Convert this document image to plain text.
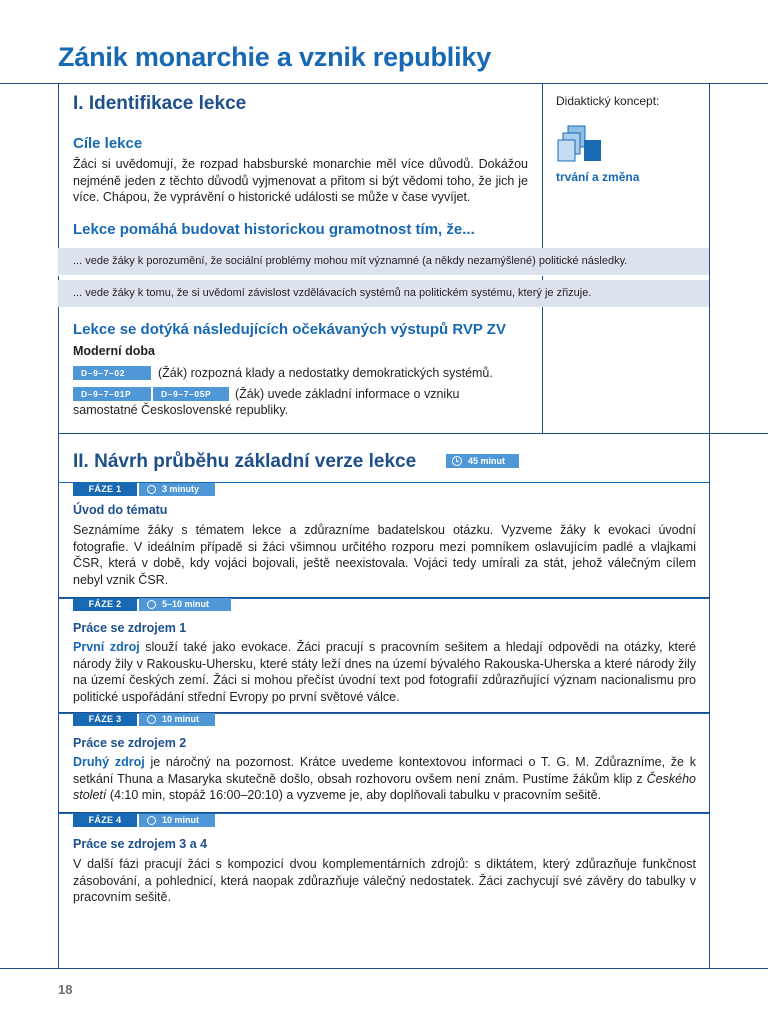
Zánik monarchie a vznik republiky
I. Identifikace lekce	Didaktický koncept:
trvání a změna
Cíle lekce
Žáci si uvědomují, že rozpad habsburské monarchie měl více důvodů. Dokážou nejméně jeden z těchto důvodů vyjmenovat a přitom si být vědomi toho, že jich je více. Chápou, že vyprávění o historické události se může v čase vyvíjet.
Lekce pomáhá budovat historickou gramotnost tím, že...
... vede žáky k porozumění, že sociální problémy mohou mít významné (a někdy nezamýšlené) politické následky.
... vede žáky k tomu, že si uvědomí závislost vzdělávacích systémů na politickém systému, který je zřizuje.
Lekce se dotýká následujících očekávaných výstupů RVP ZV
Moderní doba
D–9–7–02	(Žák) rozpozná klady a nedostatky demokratických systémů.
D–9–7–01P	D–9–7–05P	(Žák) uvede základní informace o vzniku
samostatné Československé republiky.
II. Návrh průběhu základní verze lekce	45 minut
FÁZE 1	3 minuty
Úvod do tématu
Seznámíme žáky s tématem lekce a zdůrazníme badatelskou otázku. Vyzveme žáky k evokaci úvodní fotografie. V ideálním případě si žáci všimnou určitého rozporu mezi pomníkem oslavujícím padlé a vlajkami ČSR, která v době, kdy vojáci bojovali, ještě neexistovala. Vojáci tedy umírali za stát, jehož válečným cílem nebyl vznik ČSR.
FÁZE 2	5–10 minut
Práce se zdrojem 1
První zdroj slouží také jako evokace. Žáci pracují s pracovním sešitem a hledají odpovědi na otázky, které národy žily v Rakousku-Uhersku, které státy leží dnes na území bývalého Rakouska-Uherska a které národy žily na území českých zemí. Žáci si mohou přečíst úvodní text pod fotografií zdůrazňující význam nacionalismu pro politické uspořádání střední Evropy po první světové válce.
FÁZE 3	10 minut
Práce se zdrojem 2
Druhý zdroj je náročný na pozornost. Krátce uvedeme kontextovou informaci o T. G. M. Zdůrazníme, že k setkání Thuna a Masaryka skutečně došlo, obsah rozhovoru ovšem není znám. Pustíme žákům klip z Českého století (4:10 min, stopáž 16:00–20:10) a vyzveme je, aby doplňovali tabulku v pracovním sešitě.
FÁZE 4	10 minut
Práce se zdrojem 3 a 4
V další fázi pracují žáci s kompozicí dvou komplementárních zdrojů: s diktátem, který zdůrazňuje funkčnost zásobování, a pohlednicí, která naopak zdůrazňuje válečný nedostatek. Žáci zachycují své závěry do tabulky v pracovním sešitě.
18
